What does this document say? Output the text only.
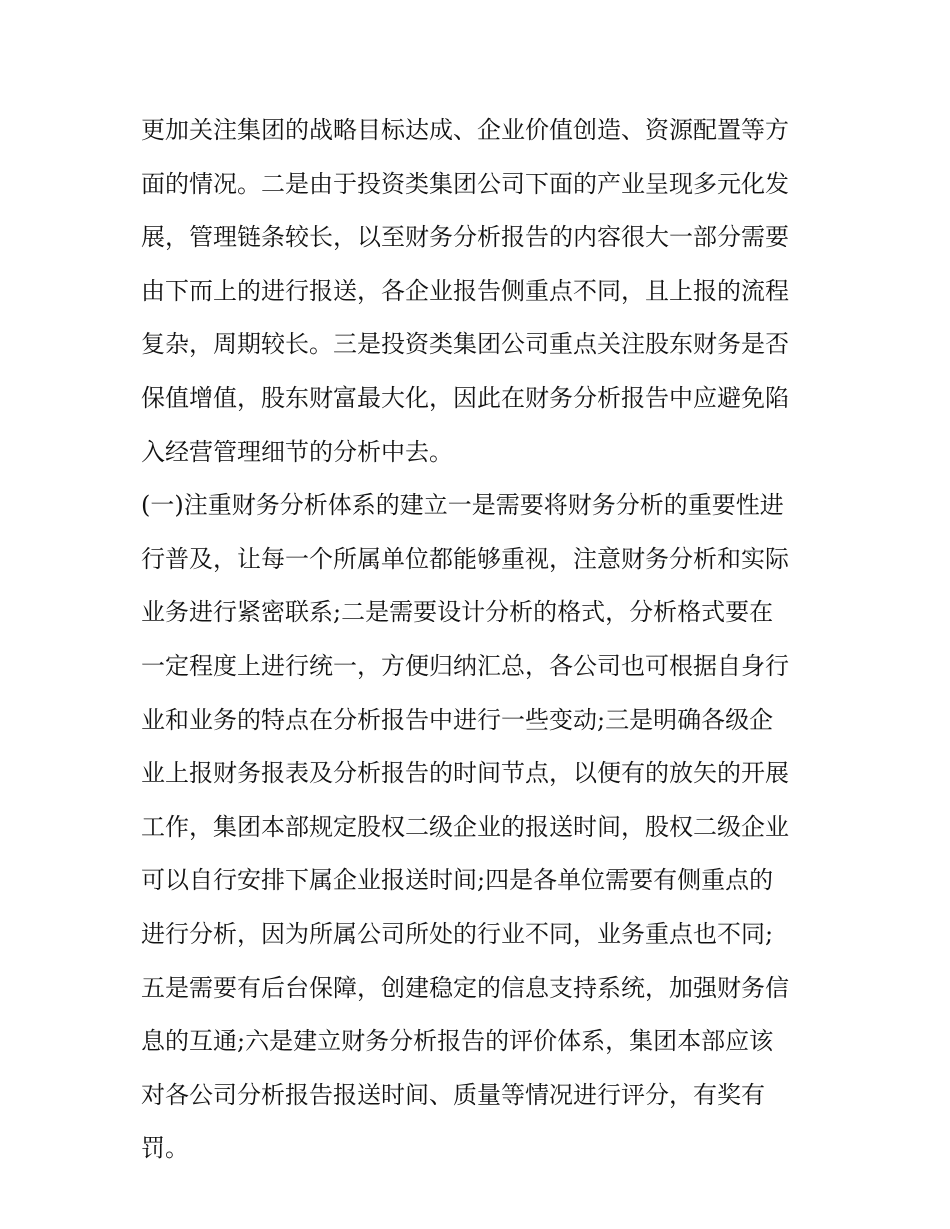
更加关注集团的战略目标达成、企业价值创造、资源配置等方
面的情况。二是由于投资类集团公司下面的产业呈现多元化发
展，管理链条较长，以至财务分析报告的内容很大一部分需要
由下而上的进行报送，各企业报告侧重点不同，且上报的流程
复杂，周期较长。三是投资类集团公司重点关注股东财务是否
保值增值，股东财富最大化，因此在财务分析报告中应避免陷
入经营管理细节的分析中去。
(一)注重财务分析体系的建立一是需要将财务分析的重要性进
行普及，让每一个所属单位都能够重视，注意财务分析和实际
业务进行紧密联系;二是需要设计分析的格式，分析格式要在
一定程度上进行统一，方便归纳汇总，各公司也可根据自身行
业和业务的特点在分析报告中进行一些变动;三是明确各级企
业上报财务报表及分析报告的时间节点，以便有的放矢的开展
工作，集团本部规定股权二级企业的报送时间，股权二级企业
可以自行安排下属企业报送时间;四是各单位需要有侧重点的
进行分析，因为所属公司所处的行业不同，业务重点也不同;
五是需要有后台保障，创建稳定的信息支持系统，加强财务信
息的互通;六是建立财务分析报告的评价体系，集团本部应该
对各公司分析报告报送时间、质量等情况进行评分，有奖有
罚。
